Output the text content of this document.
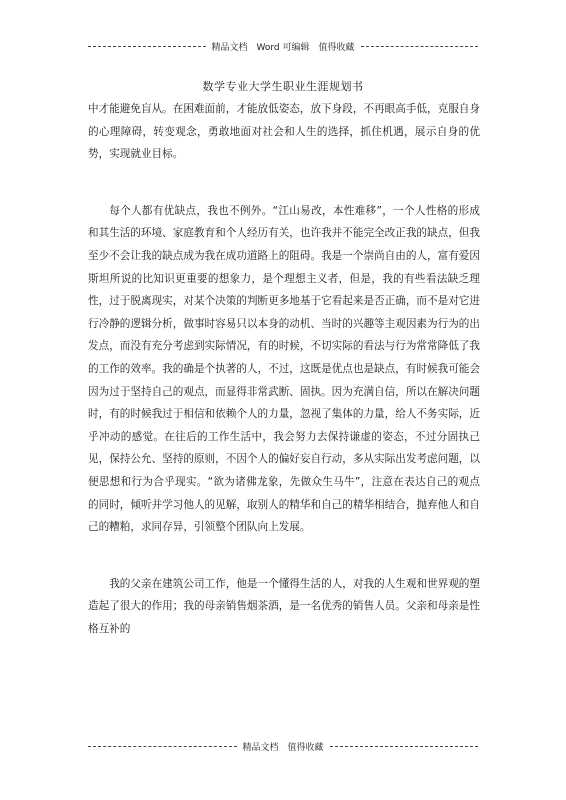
精品文档　Word 可编辑　值得收藏
数学专业大学生职业生涯规划书

中才能避免盲从。在困难面前，才能放低姿态，放下身段，不再眼高手低，克服自身的心理障碍，转变观念，勇敢地面对社会和人生的选择，抓住机遇，展示自身的优势，实现就业目标。

每个人都有优缺点，我也不例外。“江山易改，本性难移”，一个人性格的形成和其生活的环境、家庭教育和个人经历有关，也许我并不能完全改正我的缺点，但我至少不会让我的缺点成为我在成功道路上的阻碍。我是一个崇尚自由的人，富有爱因斯坦所说的比知识更重要的想象力，是个理想主义者，但是，我的有些看法缺乏理性，过于脱离现实，对某个决策的判断更多地基于它看起来是否正确，而不是对它进行冷静的逻辑分析，做事时容易只以本身的动机、当时的兴趣等主观因素为行为的出发点，而没有充分考虑到实际情况，有的时候，不切实际的看法与行为常常降低了我的工作的效率。我的确是个执著的人，不过，这既是优点也是缺点，有时候我可能会因为过于坚持自己的观点，而显得非常武断、固执。因为充满自信，所以在解决问题时，有的时候我过于相信和依赖个人的力量，忽视了集体的力量，给人不务实际，近乎冲动的感觉。在往后的工作生活中，我会努力去保持谦虚的姿态，不过分固执己见，保持公允、坚持的原则，不因个人的偏好妄自行动，多从实际出发考虑问题，以便思想和行为合乎现实。“欲为诸佛龙象，先做众生马牛”，注意在表达自己的观点的同时，倾听并学习他人的见解，取别人的精华和自己的精华相结合，抛弃他人和自己的糟粕，求同存异，引领整个团队向上发展。

我的父亲在建筑公司工作，他是一个懂得生活的人，对我的人生观和世界观的塑造起了很大的作用；我的母亲销售烟茶酒，是一名优秀的销售人员。父亲和母亲是性格互补的

精品文档　值得收藏
